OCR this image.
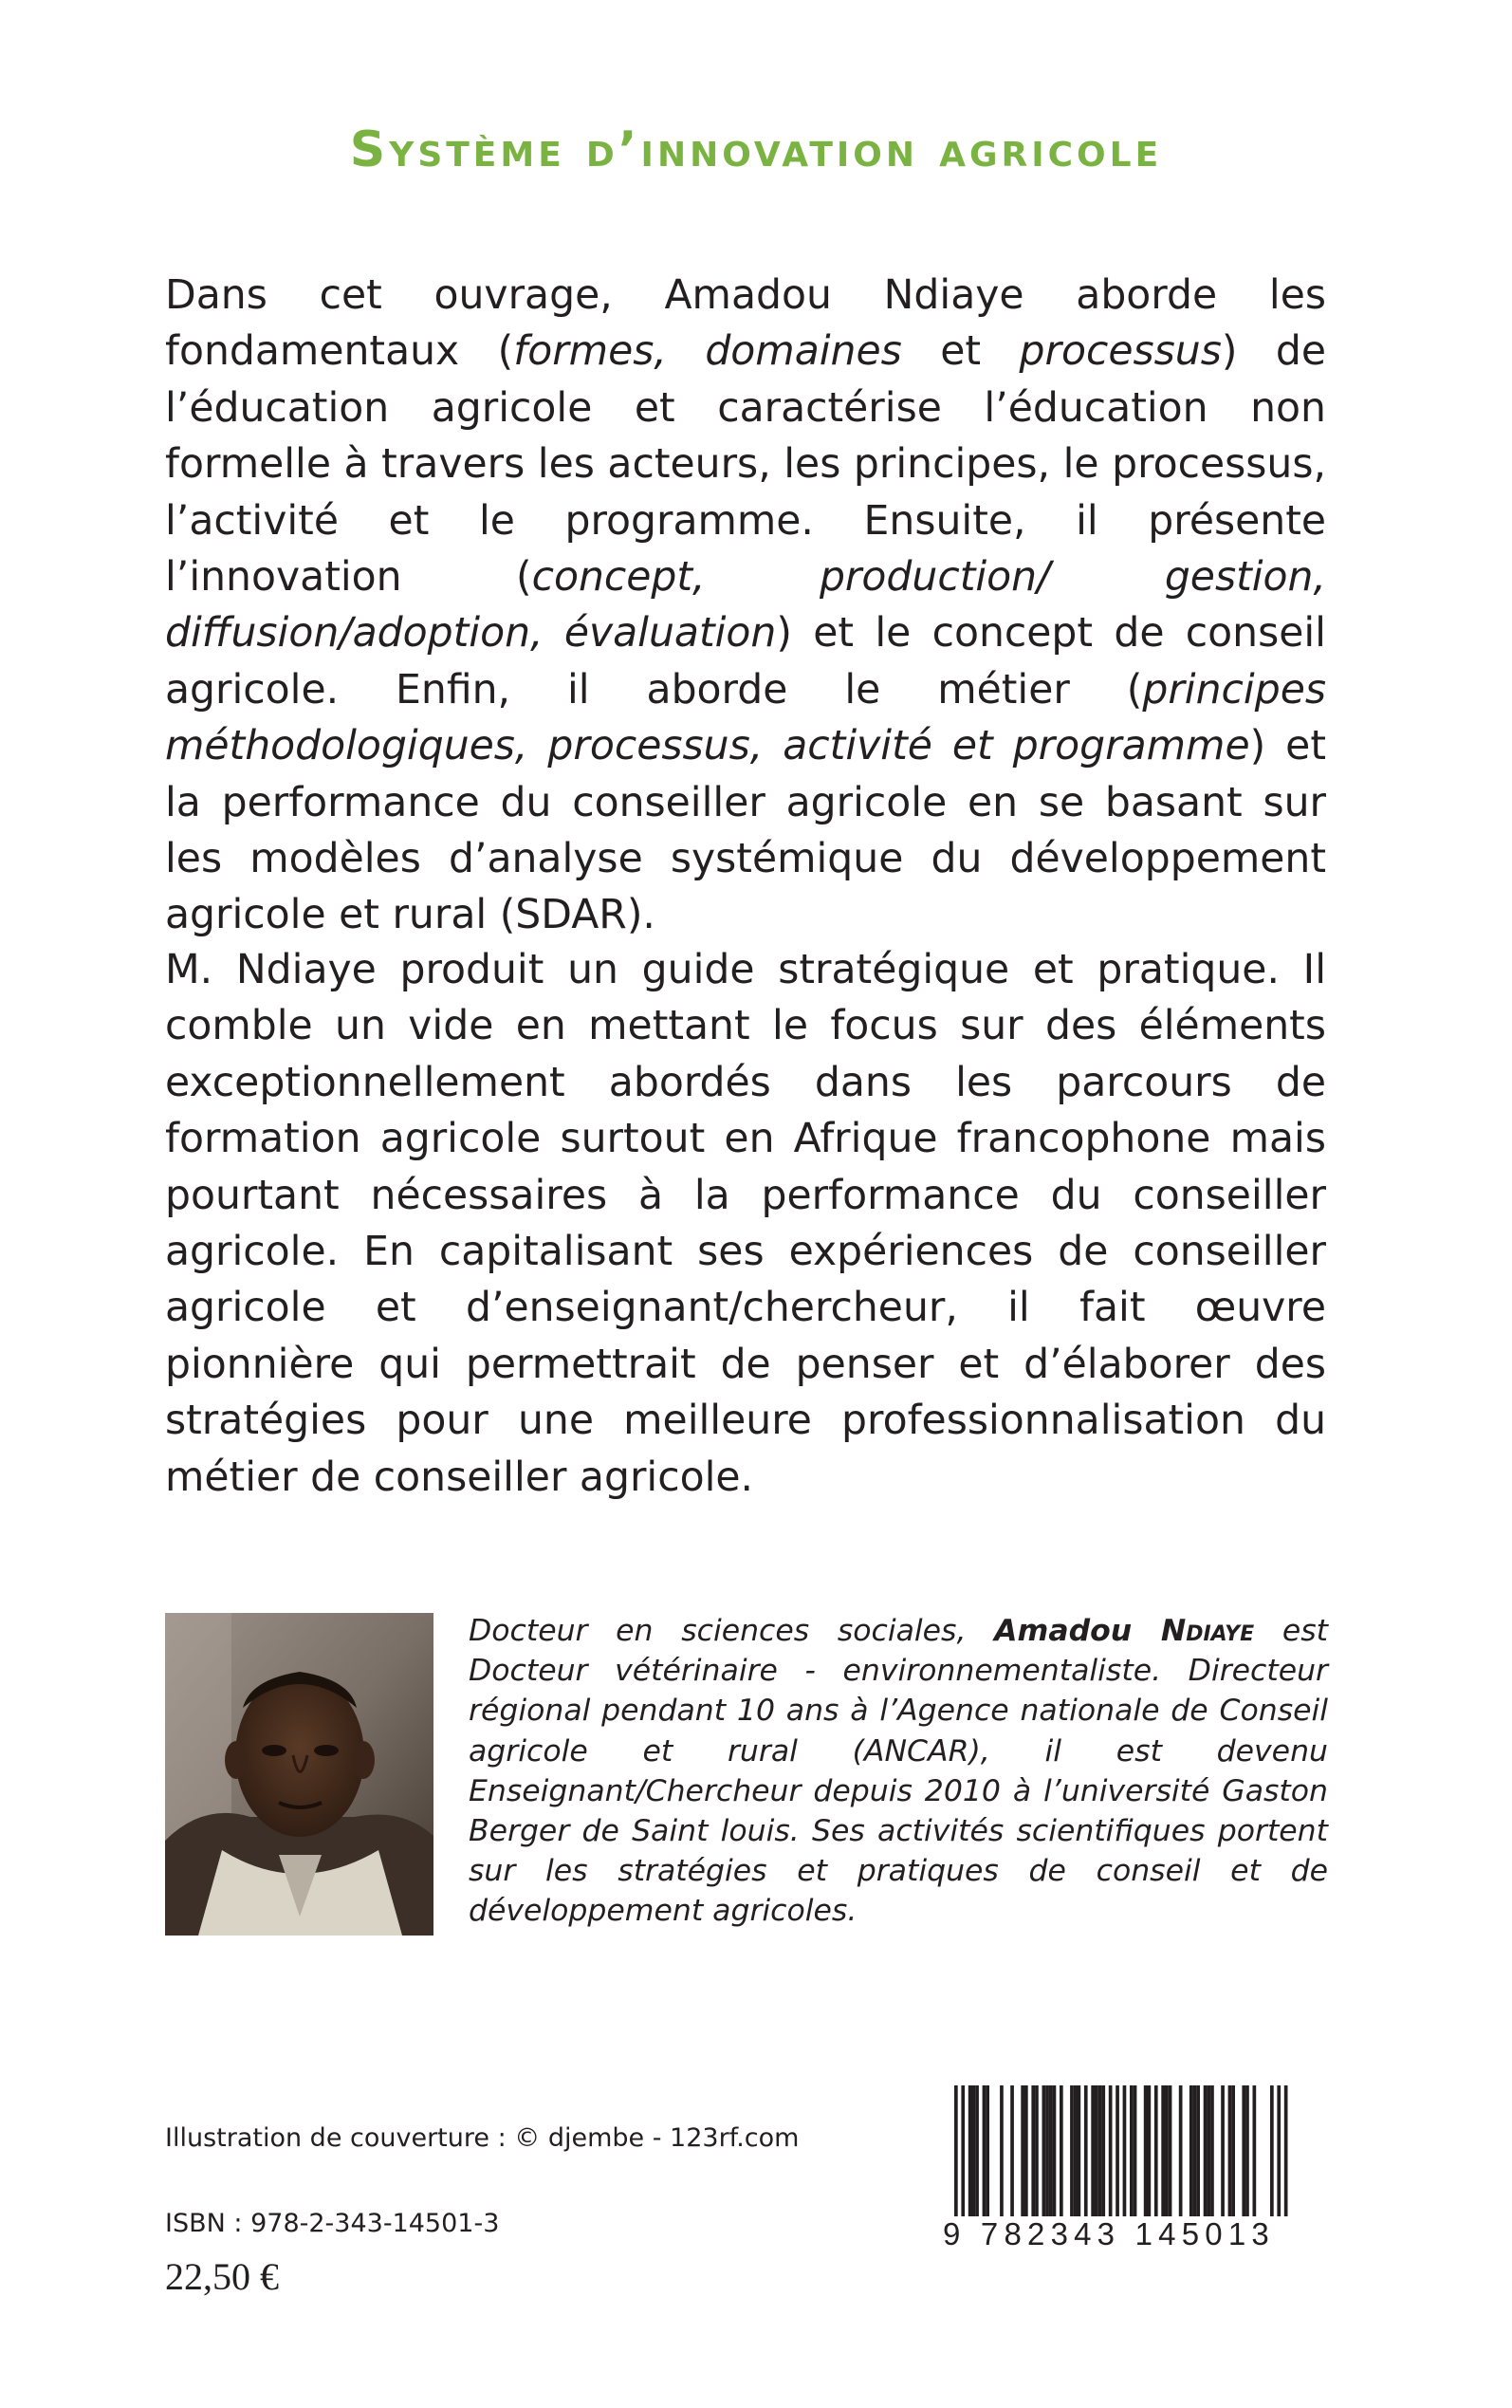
Système d’innovation agricole
Dans cet ouvrage, Amadou Ndiaye aborde les fondamentaux (formes, domaines et processus) de l’éducation agricole et caractérise l’éducation non formelle à travers les acteurs, les principes, le processus, l’activité et le programme. Ensuite, il présente l’innovation (concept, production/ gestion, diffusion/adoption, évaluation) et le concept de conseil agricole. Enfin, il aborde le métier (principes méthodologiques, processus, activité et programme) et la performance du conseiller agricole en se basant sur les modèles d’analyse systémique du développement agricole et rural (SDAR).
M. Ndiaye produit un guide stratégique et pratique. Il comble un vide en mettant le focus sur des éléments exceptionnellement abordés dans les parcours de formation agricole surtout en Afrique francophone mais pourtant nécessaires à la performance du conseiller agricole. En capitalisant ses expériences de conseiller agricole et d’enseignant/chercheur, il fait œuvre pionnière qui permettrait de penser et d’élaborer des stratégies pour une meilleure professionnalisation du métier de conseiller agricole.
Docteur en sciences sociales, Amadou Ndiaye est Docteur vétérinaire - environnementaliste. Directeur régional pendant 10 ans à l’Agence nationale de Conseil agricole et rural (ANCAR), il est devenu Enseignant/Chercheur depuis 2010 à l’université Gaston Berger de Saint louis. Ses activités scientifiques portent sur les stratégies et pratiques de conseil et de développement agricoles.
Illustration de couverture : © djembe - 123rf.com
ISBN : 978-2-343-14501-3
22,50 €
9 782343 145013
